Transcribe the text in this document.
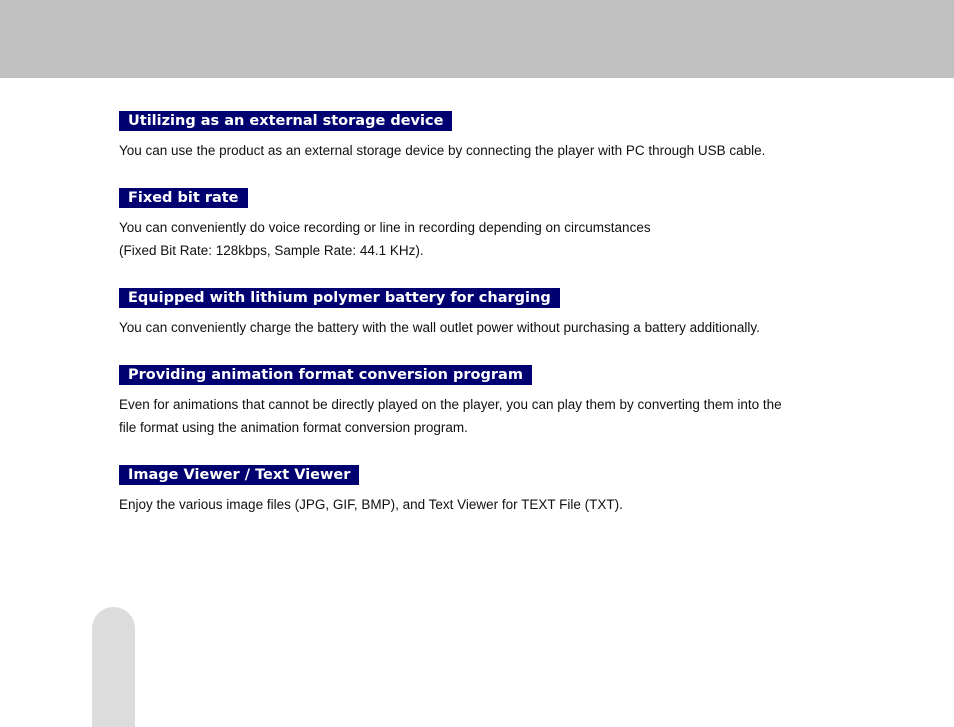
Utilizing as an external storage device

You can use the product as an external storage device by connecting the player with PC through USB cable.

Fixed bit rate

You can conveniently do voice recording or line in recording depending on circumstances
(Fixed Bit Rate: 128kbps, Sample Rate: 44.1 KHz).

Equipped with lithium polymer battery for charging

You can conveniently charge the battery with the wall outlet power without purchasing a battery additionally.

Providing animation format conversion program

Even for animations that cannot be directly played on the player, you can play them by converting them into the
file format using the animation format conversion program.

Image Viewer / Text Viewer

Enjoy the various image files (JPG, GIF, BMP), and Text Viewer for TEXT File (TXT).
